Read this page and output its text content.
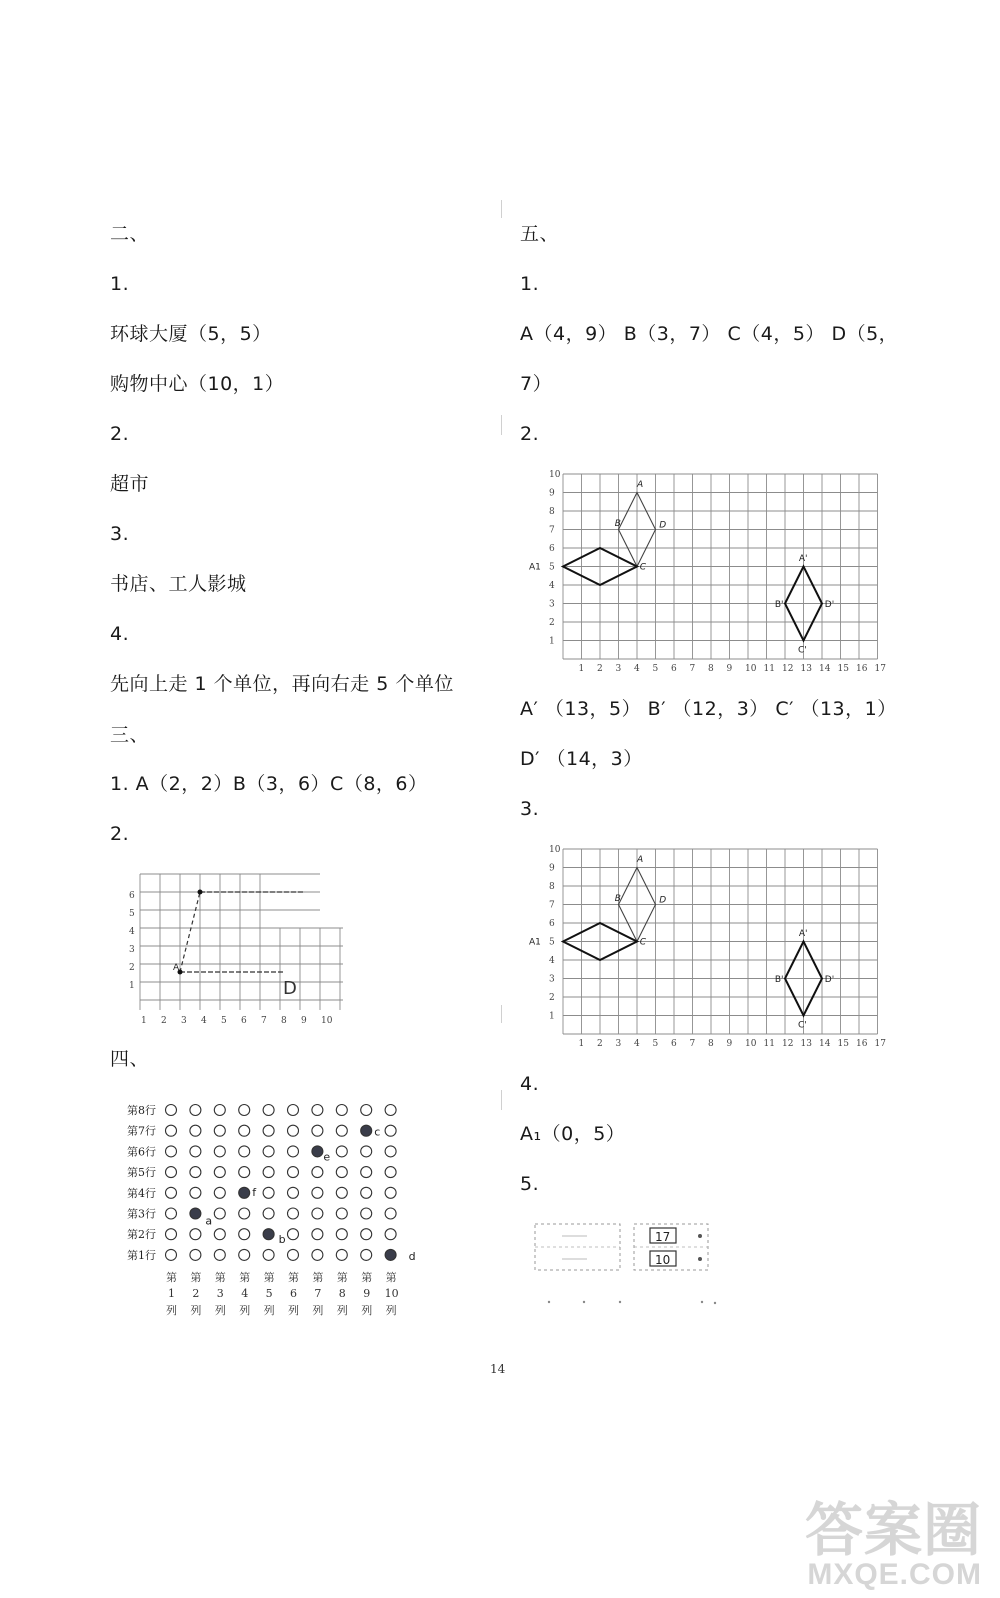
二、
1.
环球大厦（5，5）
购物中心（10，1）
2.
超市
3.
书店、工人影城
4.
先向上走 1 个单位，再向右走 5 个单位
三、
1. A（2，2）B（3，6）C（8，6）
2.
四、
五、
1.
A（4，9） B（3，7） C（4，5） D（5，
7）
2.
A′ （13，5） B′ （12，3） C′ （13，1）
D′ （14，3）
3.
4.
A₁（0，5）
5.
A
D
1
2
3
4
5
6
1 2 3 4 5 6 7 8 9 10
1
2
3
4
5
6
7
8
9
10
1 2 3 4 5 6 7 8 9 10 11 12 13 14 15 16 17
A
B	D
C
A'
B'	D'
C'
A1
1
2
3
4
5
6
7
8
9
10
1 2 3 4 5 6 7 8 9 10 11 12 13 14 15 16 17
A
B	D
C
A'
B'	D'
C'
A1
第8行
第7行
第6行
第5行
第4行
第3行
第2行
第1行
c
e
f
a
b
d
第
1
列
第
2
列
第
3
列
第
4
列
第
5
列
第
6
列
第
7
列
第
8
列
第
9
列
第
10
列
17
10
14
答案圈
MXQE.COM
